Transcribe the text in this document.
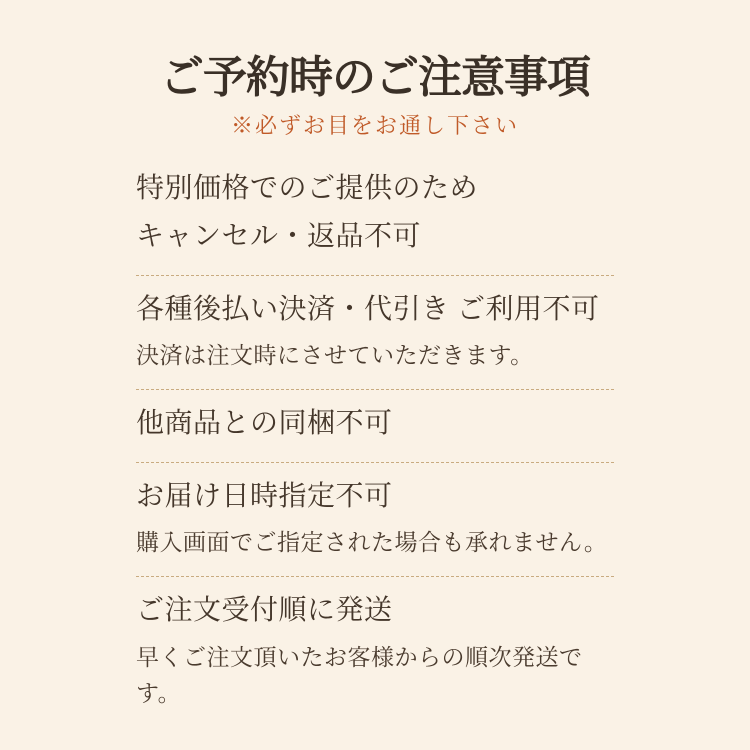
ご予約時のご注意事項

※必ずお目をお通し下さい

特別価格でのご提供のため

キャンセル・返品不可

各種後払い決済・代引き ご利用不可

決済は注文時にさせていただきます。

他商品との同梱不可

お届け日時指定不可

購入画面でご指定された場合も承れません。

ご注文受付順に発送

早くご注文頂いたお客様からの順次発送です。
